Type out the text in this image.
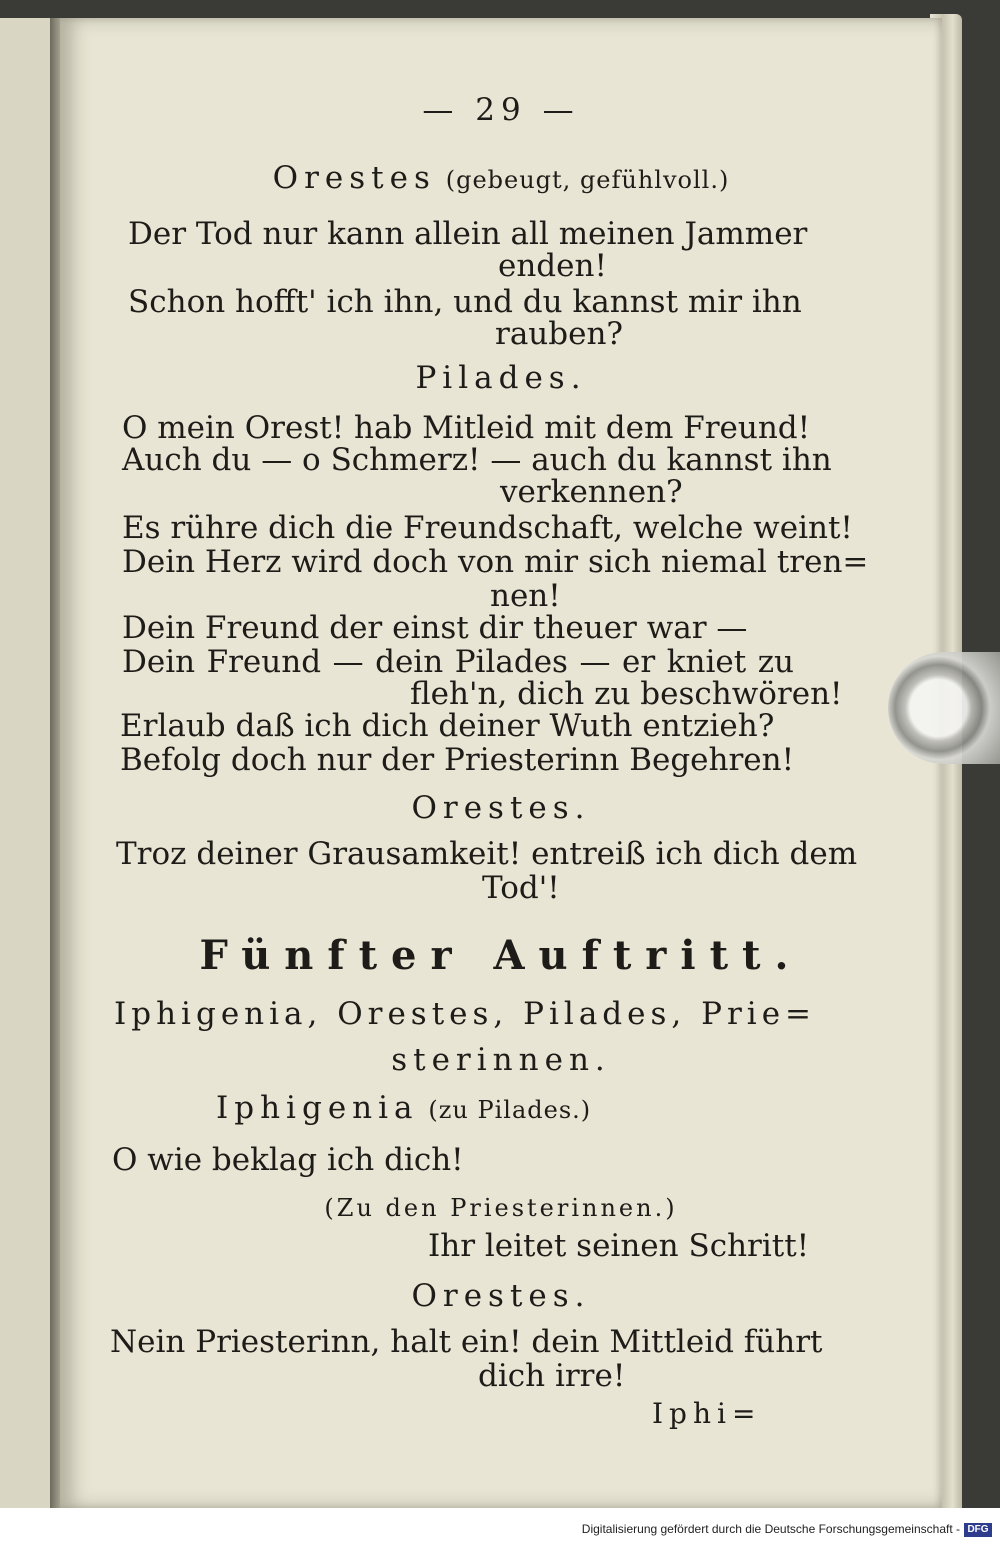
— 29 —
Orestes (gebeugt, gefühlvoll.)
Der Tod nur kann allein all meinen Jammer
enden!
Schon hofft' ich ihn, und du kannst mir ihn
rauben?
Pilades.
O mein Orest! hab Mitleid mit dem Freund!
Auch du — o Schmerz! — auch du kannst ihn
verkennen?
Es rühre dich die Freundschaft, welche weint!
Dein Herz wird doch von mir sich niemal tren=
nen!
Dein Freund der einst dir theuer war —
Dein Freund — dein Pilades — er kniet zu
fleh'n, dich zu beschwören!
Erlaub daß ich dich deiner Wuth entzieh?
Befolg doch nur der Priesterinn Begehren!
Orestes.
Troz deiner Grausamkeit! entreiß ich dich dem
Tod'!
Fünfter Auftritt.
Iphigenia, Orestes, Pilades, Prie=
sterinnen.
Iphigenia (zu Pilades.)
O wie beklag ich dich!
(Zu den Priesterinnen.)
Ihr leitet seinen Schritt!
Orestes.
Nein Priesterinn, halt ein! dein Mittleid führt
dich irre!
Iphi=
Digitalisierung gefördert durch die Deutsche Forschungsgemeinschaft - DFG
